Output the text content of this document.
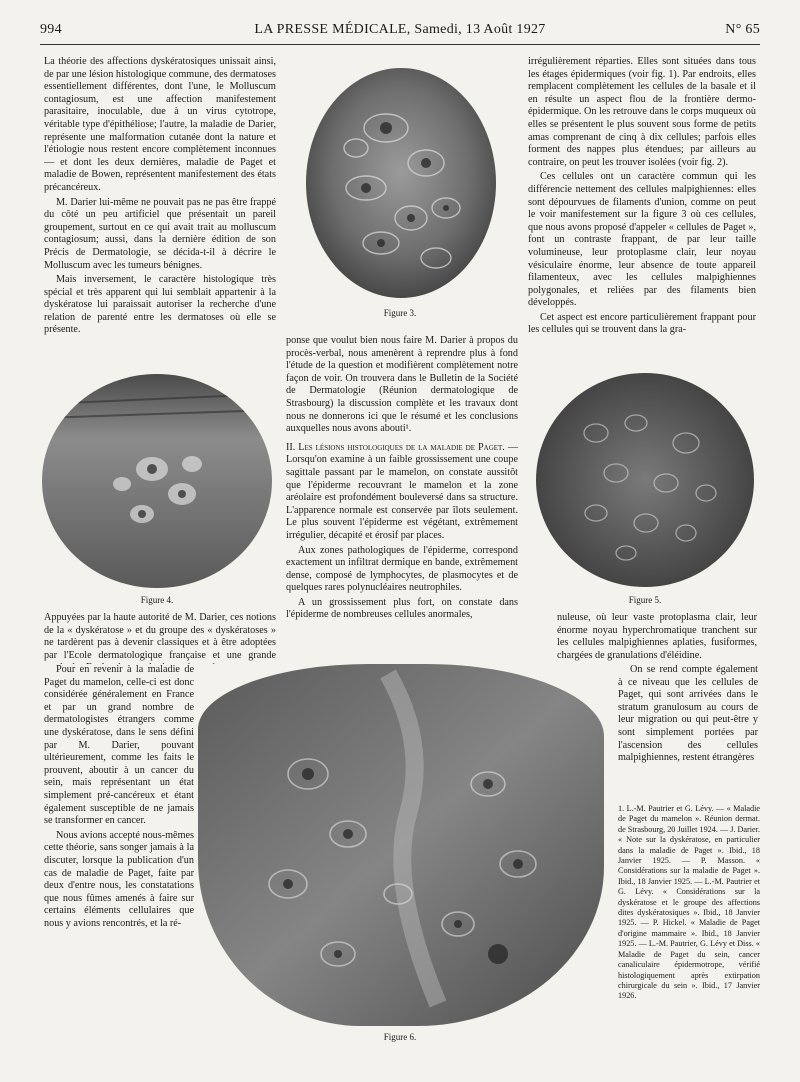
994	LA PRESSE MÉDICALE, Samedi, 13 Août 1927	N° 65

La théorie des affections dyskératosiques unissait ainsi, de par une lésion histologique commune, des dermatoses essentiellement différentes, dont l'une, le Molluscum contagiosum, est une affection manifestement parasitaire, inoculable, due à un virus cytotrope, véritable type d'épithéliose; l'autre, la maladie de Darier, représente une malformation cutanée dont la nature et l'étiologie nous restent encore complètement inconnues — et dont les deux dernières, maladie de Paget et maladie de Bowen, représentent manifestement des états précancéreux.

M. Darier lui-même ne pouvait pas ne pas être frappé du côté un peu artificiel que présentait un pareil groupement, surtout en ce qui avait trait au molluscum contagiosum; aussi, dans la dernière édition de son Précis de Dermatologie, se décida-t-il à décrire le Molluscum avec les tumeurs bénignes.

Mais inversement, le caractère histologique très spécial et très apparent qui lui semblait appartenir à la dyskératose lui paraissait autoriser la recherche d'une relation de parenté entre les dermatoses où elle se présente.

Figure 3.

irrégulièrement réparties. Elles sont situées dans tous les étages épidermiques (voir fig. 1). Par endroits, elles remplacent complètement les cellules de la basale et il en résulte un aspect flou de la frontière dermo-épidermique. On les retrouve dans le corps muqueux où elles se présentent le plus souvent sous forme de petits amas comprenant de cinq à dix cellules; parfois elles forment des nappes plus étendues; par ailleurs au contraire, on peut les trouver isolées (voir fig. 2).

Ces cellules ont un caractère commun qui les différencie nettement des cellules malpighiennes: elles sont dépourvues de filaments d'union, comme on peut le voir manifestement sur la figure 3 où ces cellules, que nous avons proposé d'appeler « cellules de Paget », font un contraste frappant, de par leur taille volumineuse, leur protoplasme clair, leur noyau vésiculaire énorme, leur absence de toute appareil filamenteux, avec les cellules malpighiennes polygonales, et reliées par des filaments bien développés.

Cet aspect est encore particulièrement frappant pour les cellules qui se trouvent dans la gra-

Figure 4.

ponse que voulut bien nous faire M. Darier à propos du procès-verbal, nous amenèrent à reprendre plus à fond l'étude de la question et modifièrent complètement notre façon de voir. On trouvera dans le Bulletin de la Société de Dermatologie (Réunion dermatologique de Strasbourg) la discussion complète et les travaux dont nous ne donnerons ici que le résumé et les conclusions auxquelles nous avons abouti¹.

II. Les lésions histologiques de la maladie de Paget. — Lorsqu'on examine à un faible grossissement une coupe sagittale passant par le mamelon, on constate aussitôt que l'épiderme recouvrant le mamelon et la zone aréolaire est profondément bouleversé dans sa structure. L'apparence normale est conservée par îlots seulement. Le plus souvent l'épiderme est végétant, extrêmement irrégulier, décapité et érosif par places.

Aux zones pathologiques de l'épiderme, correspond exactement un infiltrat dermique en bande, extrêmement dense, composé de lymphocytes, de plasmocytes et de quelques rares polynucléaires neutrophiles.

A un grossissement plus fort, on constate dans l'épiderme de nombreuses cellules anormales,

Figure 5.

Appuyées par la haute autorité de M. Darier, ces notions de la « dyskératose » et du groupe des « dyskératoses » ne tardèrent pas à devenir classiques et à être adoptées par l'Ecole dermatologique française et une grande

Pour en revenir à la maladie de Paget du mamelon, celle-ci est donc considérée généralement en France et par un grand nombre de dermatologistes étrangers comme une dyskératose, dans le sens défini par M. Darier, pouvant ultérieurement, comme les faits le prouvent, aboutir à un cancer du sein, mais représentant un état simplement pré-cancéreux et étant également susceptible de ne jamais se transformer en cancer.

Nous avions accepté nous-mêmes cette théorie, sans songer jamais à la discuter, lorsque la publication d'un cas de maladie de Paget, faite par deux d'entre nous, les constatations que nous fûmes amenés à faire sur certains éléments cellulaires que nous y avions rencontrés, et la ré-

nuleuse, où leur vaste protoplasma clair, leur énorme noyau hyperchromatique tranchent sur les cellules malpighiennes aplaties, fusiformes, chargées de granulations d'éléidine.

On se rend compte également à ce niveau que les cellules de Paget, qui sont arrivées dans le stratum granulosum au cours de leur migration ou qui peut-être y sont simplement portées par l'ascension des cellules malpighiennes, restent étrangères

Figure 6.
1. L.-M. Pautrier et G. Lévy. — « Maladie de Paget du mamelon ». Réunion dermat. de Strasbourg, 20 Juillet 1924. — J. Darier. « Note sur la dyskératose, en particulier dans la maladie de Paget ». Ibid., 18 Janvier 1925. — P. Masson. « Considérations sur la maladie de Paget ». Ibid., 18 Janvier 1925. — L.-M. Pautrier et G. Lévy. « Considérations sur la dyskératose et le groupe des affections dites dyskératosiques ». Ibid., 18 Janvier 1925. — P. Hickel. « Maladie de Paget d'origine mammaire ». Ibid., 18 Janvier 1925. — L.-M. Pautrier, G. Lévy et Diss. « Maladie de Paget du sein, cancer canaliculaire épidermotrope, vérifié histologiquement après extirpation chirurgicale du sein ». Ibid., 17 Janvier 1926.
